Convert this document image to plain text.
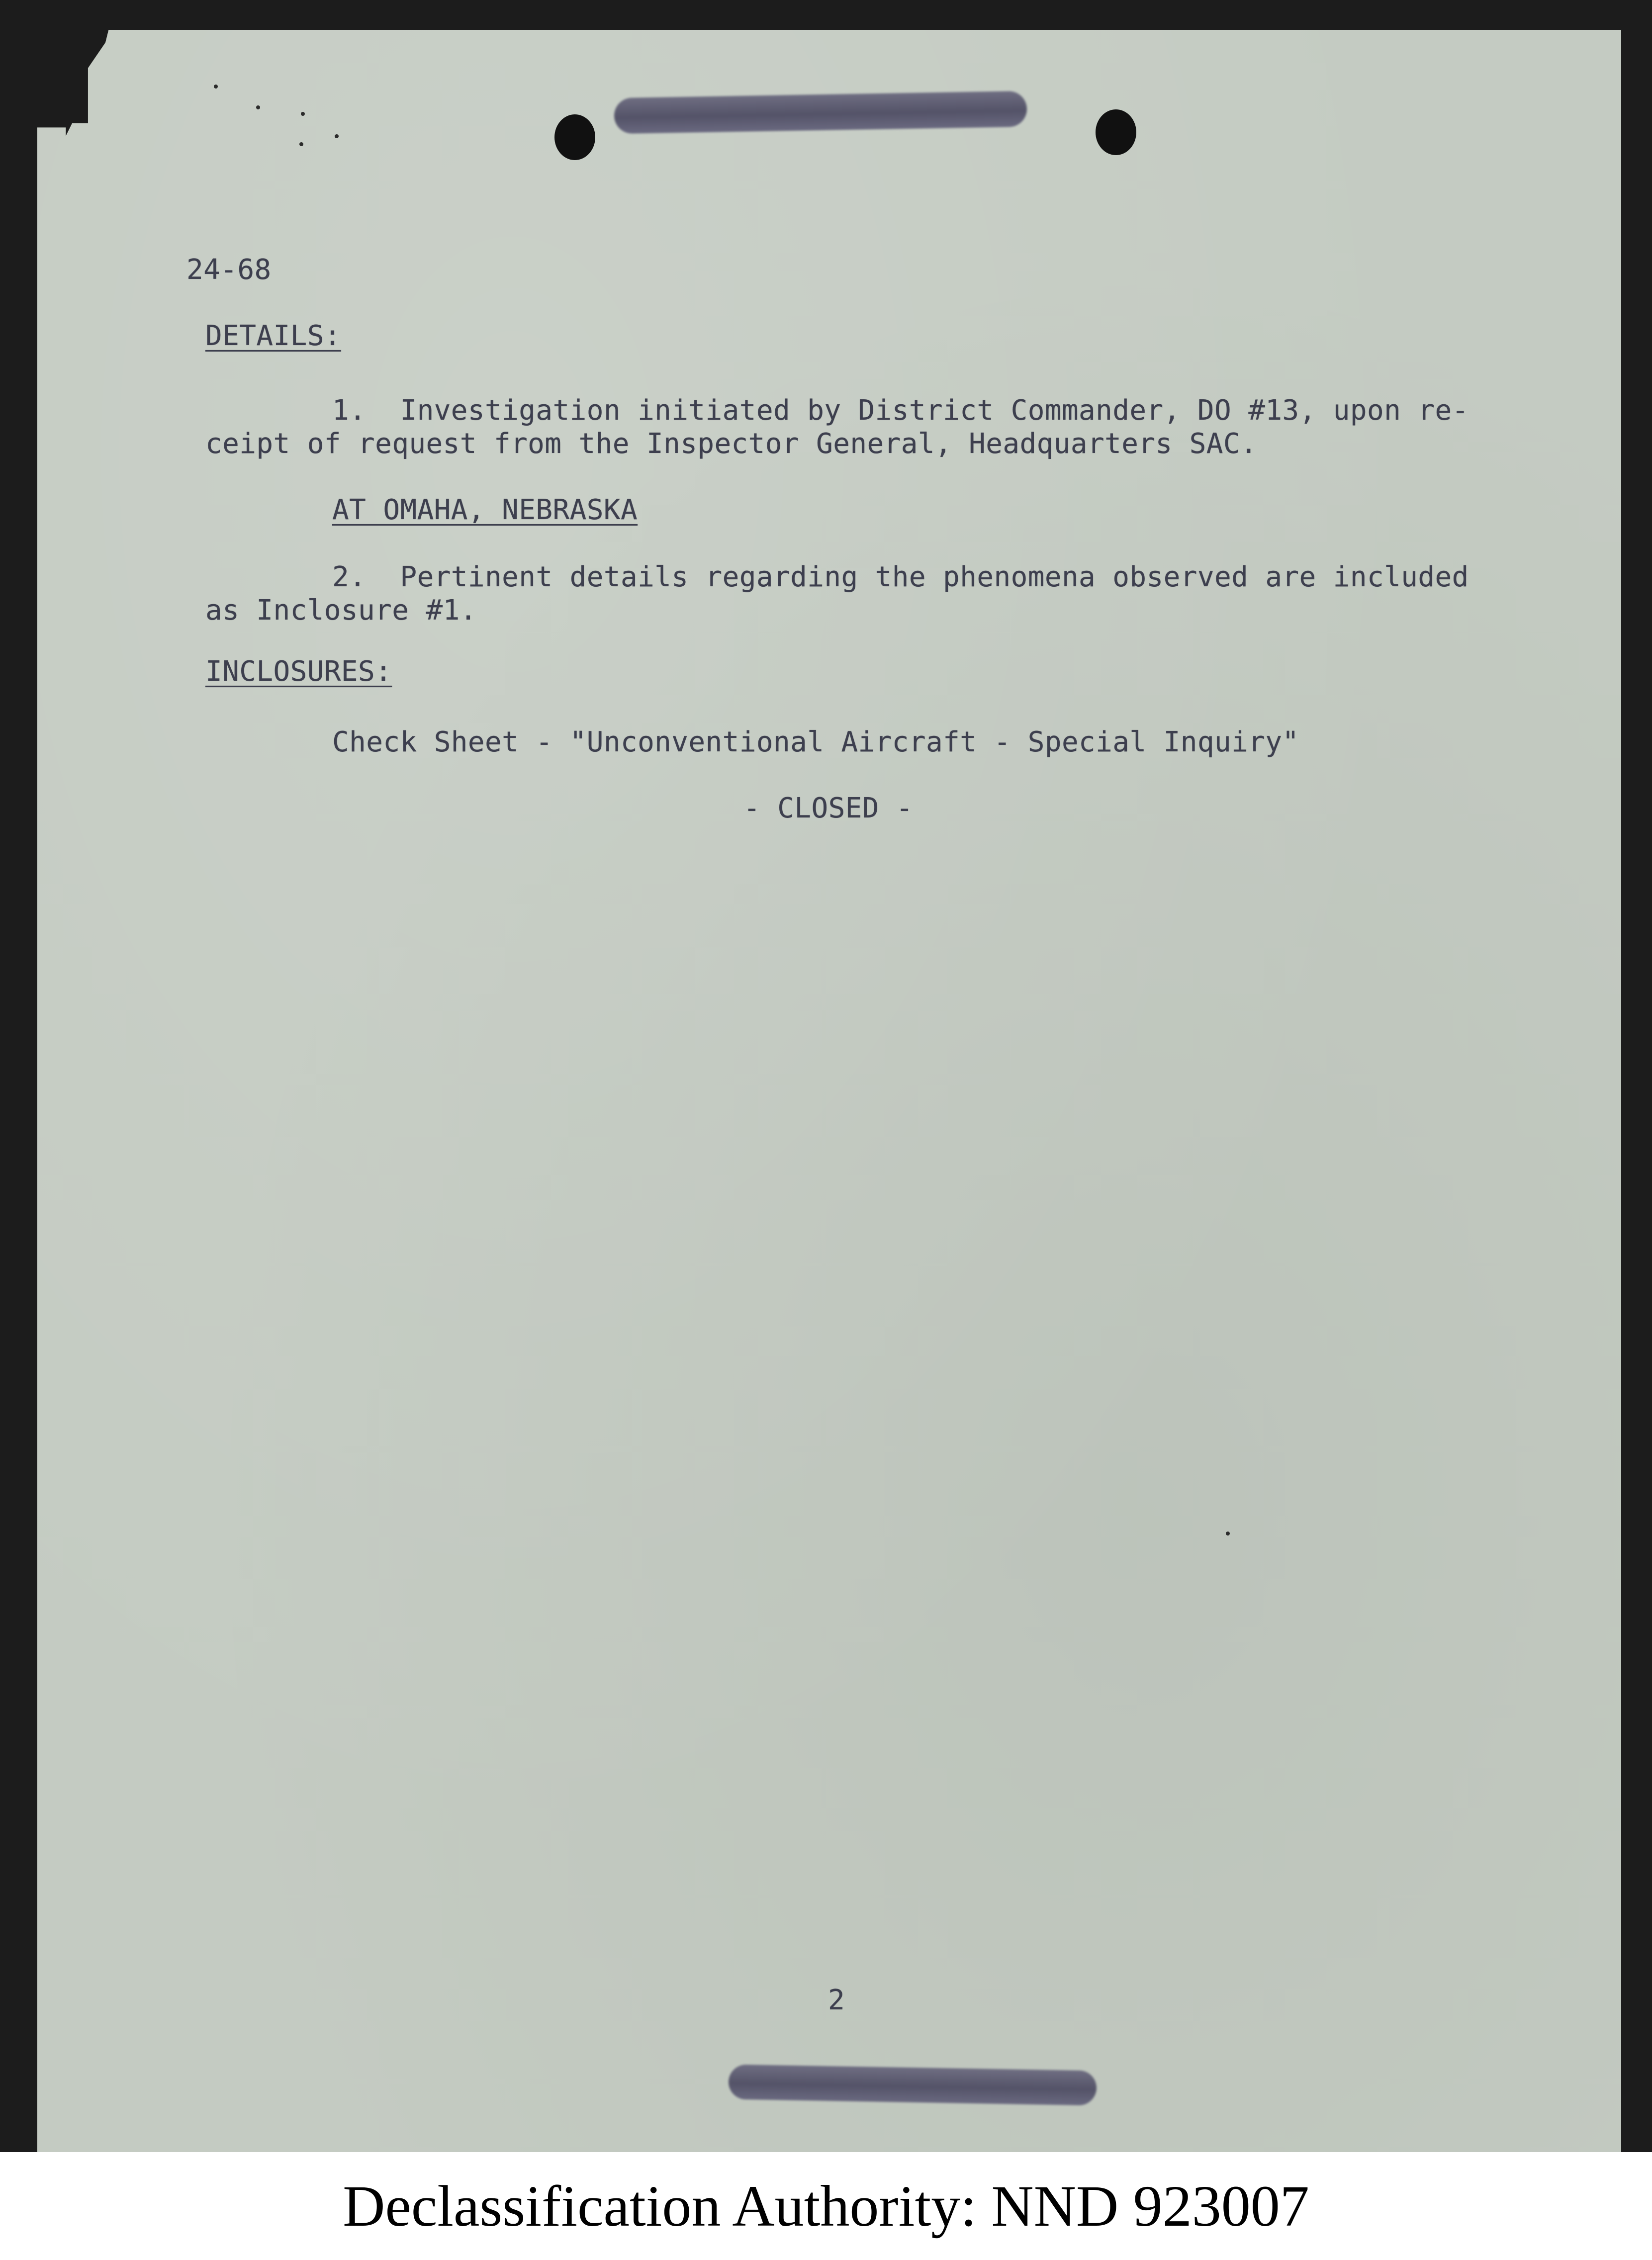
24-68

DETAILS:

1.  Investigation initiated by District Commander, DO #13, upon re-

ceipt of request from the Inspector General, Headquarters SAC.

AT OMAHA, NEBRASKA

2.  Pertinent details regarding the phenomena observed are included

as Inclosure #1.

INCLOSURES:

Check Sheet - "Unconventional Aircraft - Special Inquiry"

- CLOSED -

2

Declassification Authority: NND 923007
